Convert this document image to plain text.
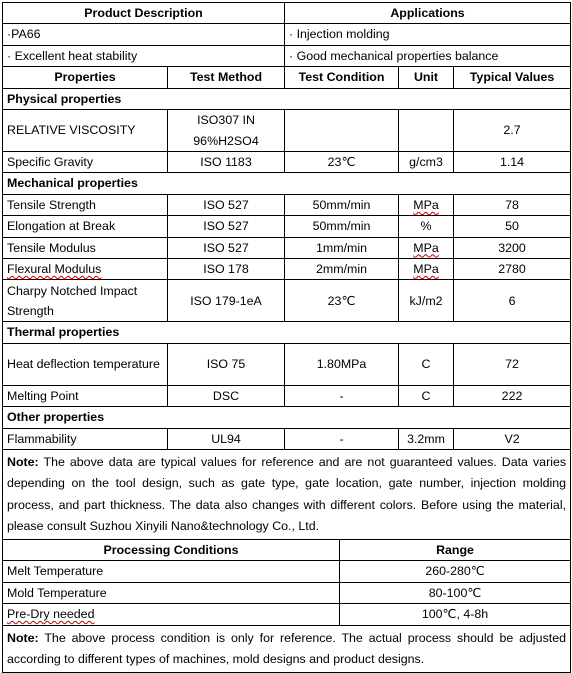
Product Description		Applications		
·PA66		· Injection molding		
· Excellent heat stability		· Good mechanical properties balance		
Properties	Test Method	Test Condition	Unit	Typical Values
Physical properties				
RELATIVE VISCOSITY	ISO307 IN 96%H2SO4			2.7
Specific Gravity	ISO 1183	23℃	g/cm3	1.14
Mechanical properties				
Tensile Strength	ISO 527	50mm/min	MPa	78
Elongation at Break	ISO 527	50mm/min	%	50
Tensile Modulus	ISO 527	1mm/min	MPa	3200
Flexural Modulus	ISO 178	2mm/min	MPa	2780
Charpy Notched Impact Strength	ISO 179-1eA	23℃	kJ/m2	6
Thermal properties				
Heat deflection temperature	ISO 75	1.80MPa	C	72
Melting Point	DSC	-	C	222
Other properties				
Flammability	UL94	-	3.2mm	V2
Note: The above data are typical values for reference and are not guaranteed values. Data varies depending on the tool design, such as gate type, gate location, gate number, injection molding process, and part thickness. The data also changes with different colors. Before using the material, please consult Suzhou Xinyili Nano&technology Co., Ltd.				
Processing Conditions	Range
Melt Temperature	260-280℃
Mold Temperature	80-100℃
Pre-Dry needed	100℃, 4-8h
Note: The above process condition is only for reference. The actual process should be adjusted according to different types of machines, mold designs and product designs.	
